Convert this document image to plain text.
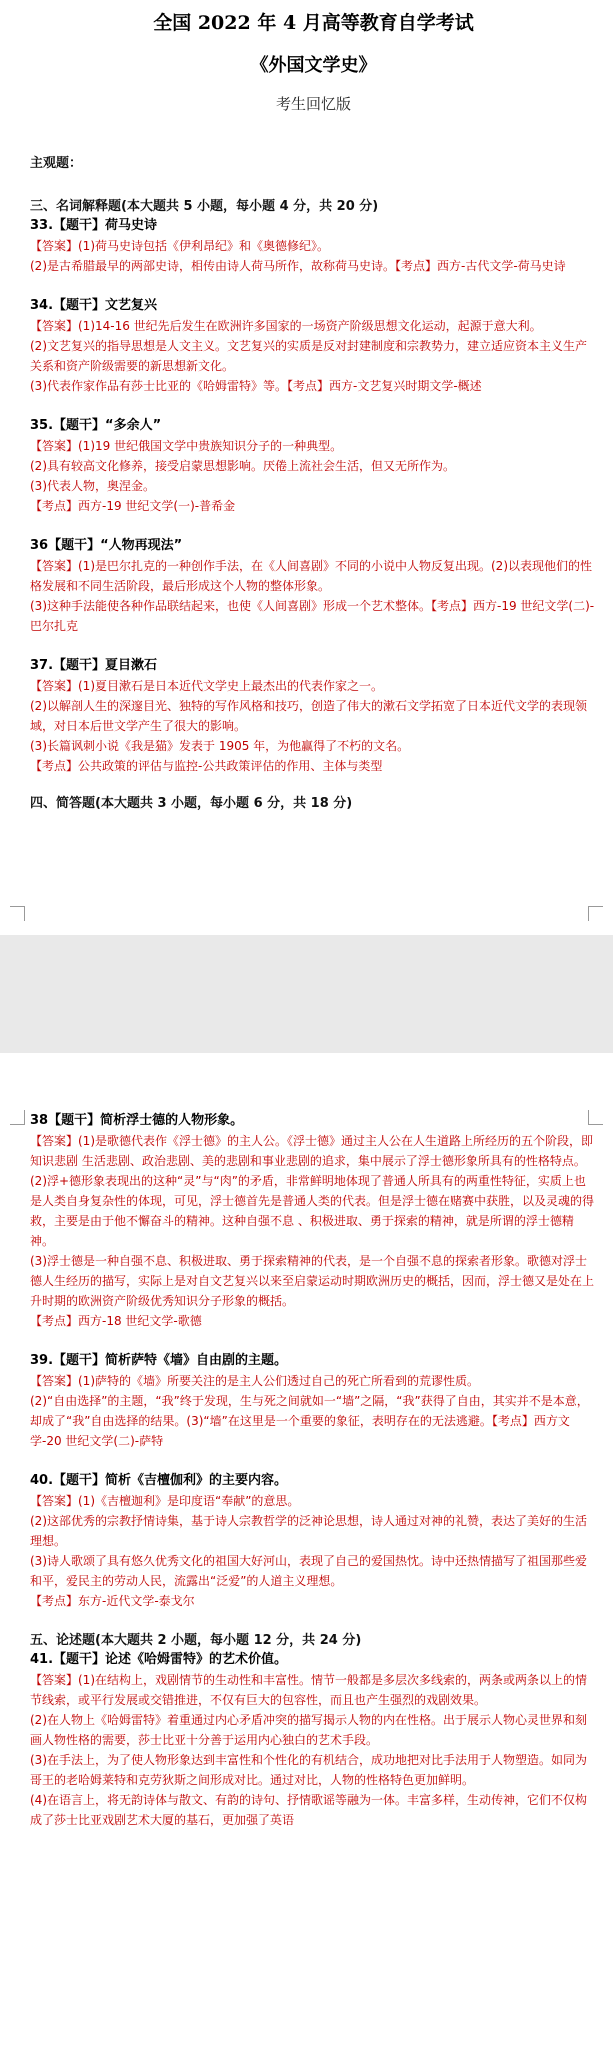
全国 2022 年 4 月高等教育自学考试
《外国文学史》
考生回忆版
主观题：
三、名词解释题(本大题共 5 小题，每小题 4 分，共 20 分)
33.【题干】荷马史诗

【答案】(1)荷马史诗包括《伊利昂纪》和《奥德修纪》。

(2)是古希腊最早的两部史诗，相传由诗人荷马所作，故称荷马史诗。【考点】西方-古代文学-荷马史诗

34.【题干】文艺复兴

【答案】(1)14-16 世纪先后发生在欧洲许多国家的一场资产阶级思想文化运动，起源于意大利。

(2)文艺复兴的指导思想是人文主义。文艺复兴的实质是反对封建制度和宗教势力，建立适应资本主义生产关系和资产阶级需要的新思想新文化。

(3)代表作家作品有莎士比亚的《哈姆雷特》等。【考点】西方-文艺复兴时期文学-概述

35.【题干】“多余人”

【答案】(1)19 世纪俄国文学中贵族知识分子的一种典型。

(2)具有较高文化修养，接受启蒙思想影响。厌倦上流社会生活，但又无所作为。

(3)代表人物，奥涅金。

【考点】西方-19 世纪文学(一)-普希金

36【题干】“人物再现法”

【答案】(1)是巴尔扎克的一种创作手法，在《人间喜剧》不同的小说中人物反复出现。(2)以表现他们的性格发展和不同生活阶段，最后形成这个人物的整体形象。

(3)这种手法能使各种作品联结起来，也使《人间喜剧》形成一个艺术整体。【考点】西方-19 世纪文学(二)-巴尔扎克

37.【题干】夏目漱石

【答案】(1)夏目漱石是日本近代文学史上最杰出的代表作家之一。

(2)以解剖人生的深邃目光、独特的写作风格和技巧，创造了伟大的漱石文学拓宽了日本近代文学的表现领域，对日本后世文学产生了很大的影响。

(3)长篇讽刺小说《我是猫》发表于 1905 年，为他赢得了不朽的文名。

【考点】公共政策的评估与监控-公共政策评估的作用、主体与类型

四、简答题(本大题共 3 小题，每小题 6 分，共 18 分)
38【题干】简析浮士德的人物形象。

【答案】(1)是歌德代表作《浮士德》的主人公。《浮士德》通过主人公在人生道路上所经历的五个阶段，即知识悲剧 生活悲剧、政治悲剧、美的悲剧和事业悲剧的追求，集中展示了浮士德形象所具有的性格特点。

(2)浮+德形象表现出的这种“灵”与“肉”的矛盾，非常鲜明地体现了普通人所具有的两重性特征，实质上也是人类自身复杂性的体现，可见，浮士德首先是普通人类的代表。但是浮士德在赌赛中获胜，以及灵魂的得救，主要是由于他不懈奋斗的精神。这种自强不息 、积极进取、勇于探索的精神，就是所谓的浮士德精神。

(3)浮士德是一种自强不息、积极进取、勇于探索精神的代表，是一个自强不息的探索者形象。歌德对浮士德人生经历的描写，实际上是对自文艺复兴以来至启蒙运动时期欧洲历史的概括，因而，浮士德又是处在上升时期的欧洲资产阶级优秀知识分子形象的概括。

【考点】西方-18 世纪文学-歌德

39.【题干】简析萨特《墙》自由剧的主题。

【答案】(1)萨特的《墙》所要关注的是主人公们透过自己的死亡所看到的荒谬性质。

(2)“自由选择”的主题，“我”终于发现，生与死之间就如一“墙”之隔，“我”获得了自由，其实并不是本意，却成了“我”自由选择的结果。(3)“墙”在这里是一个重要的象征，表明存在的无法逃避。【考点】西方文学-20 世纪文学(二)-萨特

40.【题干】简析《吉檀伽利》的主要内容。

【答案】(1)《吉檀迦利》是印度语“奉献”的意思。

(2)这部优秀的宗教抒情诗集，基于诗人宗教哲学的泛神论思想，诗人通过对神的礼赞，表达了美好的生活理想。

(3)诗人歌颂了具有悠久优秀文化的祖国大好河山，表现了自己的爱国热忱。诗中还热情描写了祖国那些爱和平，爱民主的劳动人民，流露出“泛爱”的人道主义理想。

【考点】东方-近代文学-泰戈尔

五、论述题(本大题共 2 小题，每小题 12 分，共 24 分)
41.【题干】论述《哈姆雷特》的艺术价值。

【答案】(1)在结构上，戏剧情节的生动性和丰富性。情节一般都是多层次多线索的，两条或两条以上的情节线索，或平行发展或交错推进，不仅有巨大的包容性，而且也产生强烈的戏剧效果。

(2)在人物上《哈姆雷特》着重通过内心矛盾冲突的描写揭示人物的内在性格。出于展示人物心灵世界和刻画人物性格的需要，莎士比亚十分善于运用内心独白的艺术手段。

(3)在手法上，为了使人物形象达到丰富性和个性化的有机结合，成功地把对比手法用于人物塑造。如同为哥王的老哈姆莱特和克劳狄斯之间形成对比。通过对比，人物的性格特色更加鲜明。

(4)在语言上，将无韵诗体与散文、有韵的诗句、抒情歌谣等融为一体。丰富多样，生动传神，它们不仅构成了莎士比亚戏剧艺术大厦的基石，更加强了英语
